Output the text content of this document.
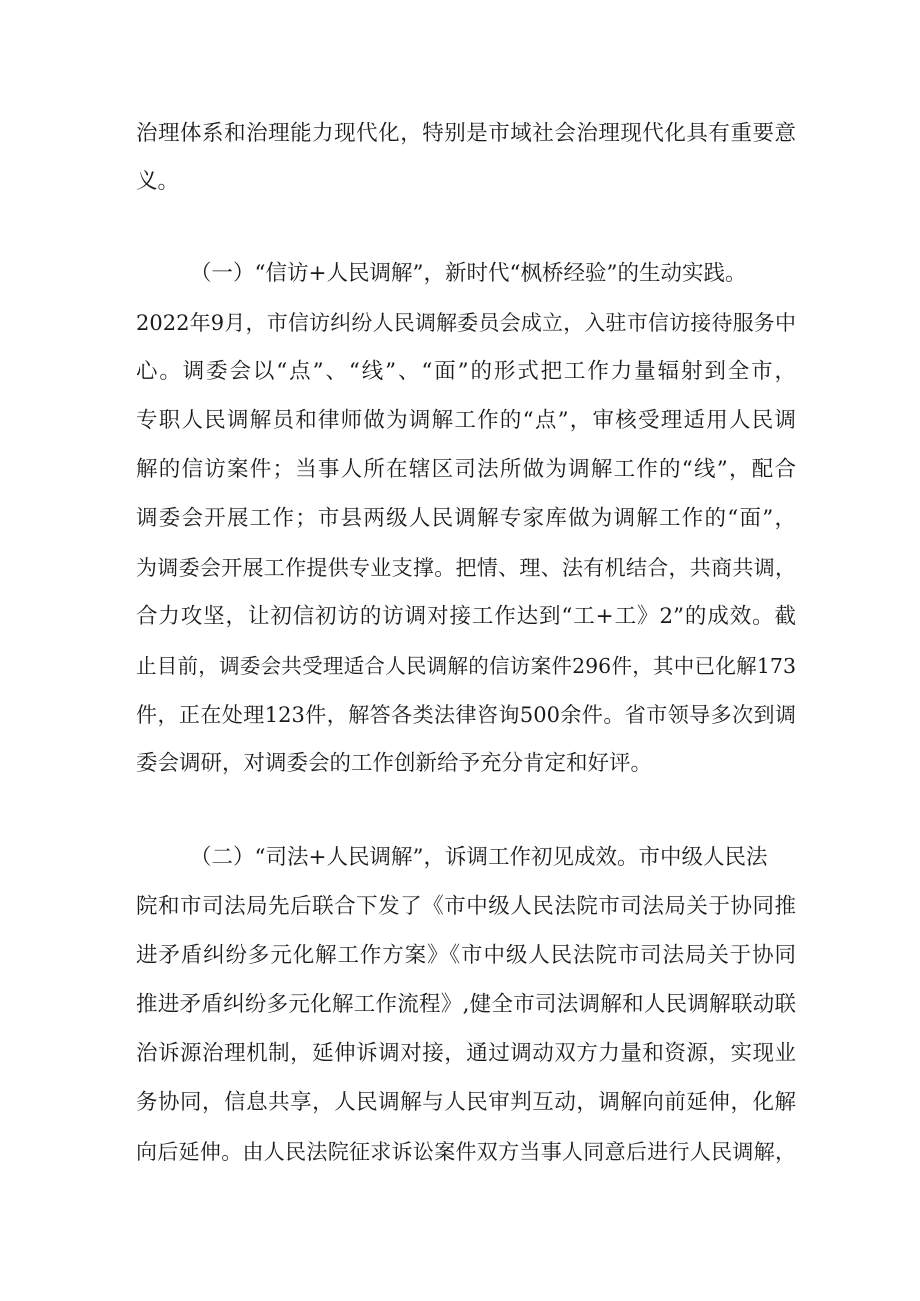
治理体系和治理能力现代化，特别是市域社会治理现代化具有重要意
义。
（一）“信访+人民调解”，新时代“枫桥经验”的生动实践。
2022年9月，市信访纠纷人民调解委员会成立，入驻市信访接待服务中
心。调委会以“点”、“线”、“面”的形式把工作力量辐射到全市，
专职人民调解员和律师做为调解工作的“点”，审核受理适用人民调
解的信访案件；当事人所在辖区司法所做为调解工作的“线”，配合
调委会开展工作；市县两级人民调解专家库做为调解工作的“面”，
为调委会开展工作提供专业支撑。把情、理、法有机结合，共商共调，
合力攻坚，让初信初访的访调对接工作达到“工+工》2”的成效。截
止目前，调委会共受理适合人民调解的信访案件296件，其中已化解173
件，正在处理123件，解答各类法律咨询500余件。省市领导多次到调
委会调研，对调委会的工作创新给予充分肯定和好评。
（二）“司法+人民调解”，诉调工作初见成效。市中级人民法
院和市司法局先后联合下发了《市中级人民法院市司法局关于协同推
进矛盾纠纷多元化解工作方案》《市中级人民法院市司法局关于协同
推进矛盾纠纷多元化解工作流程》,健全市司法调解和人民调解联动联
治诉源治理机制，延伸诉调对接，通过调动双方力量和资源，实现业
务协同，信息共享，人民调解与人民审判互动，调解向前延伸，化解
向后延伸。由人民法院征求诉讼案件双方当事人同意后进行人民调解，
